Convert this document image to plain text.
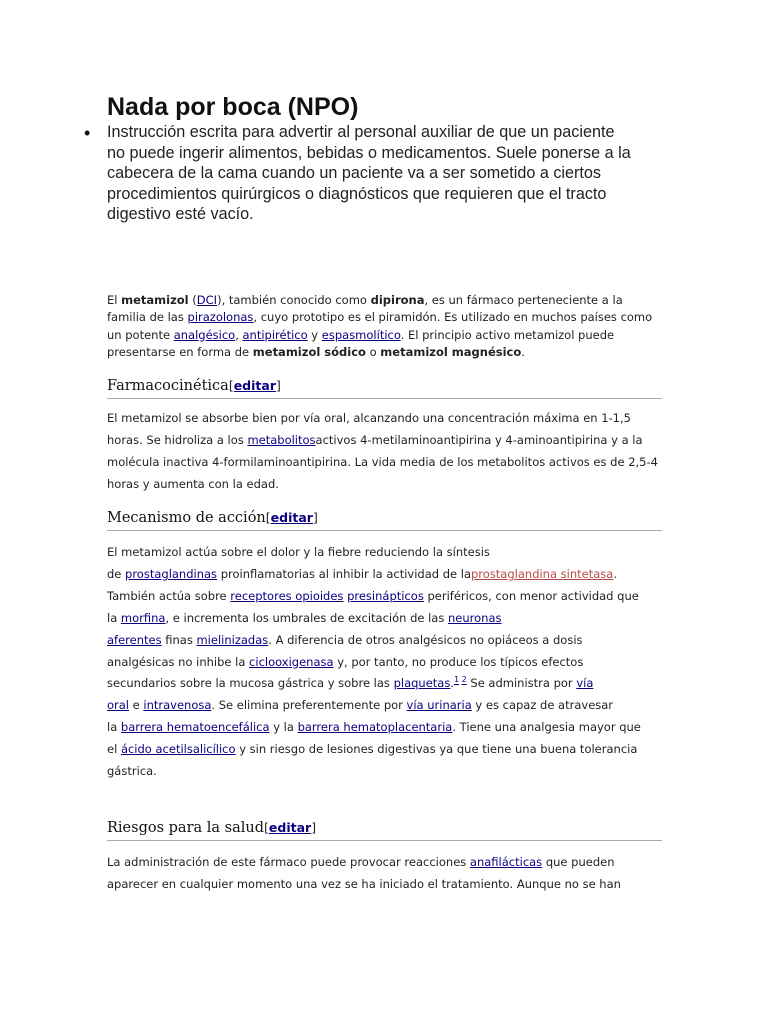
Nada por boca (NPO)
• Instrucción escrita para advertir al personal auxiliar de que un paciente
no puede ingerir alimentos, bebidas o medicamentos. Suele ponerse a la
cabecera de la cama cuando un paciente va a ser sometido a ciertos
procedimientos quirúrgicos o diagnósticos que requieren que el tracto
digestivo esté vacío.

El metamizol (DCI), también conocido como dipirona, es un fármaco perteneciente a la
familia de las pirazolonas, cuyo prototipo es el piramidón. Es utilizado en muchos países como
un potente analgésico, antipirético y espasmolítico. El principio activo metamizol puede
presentarse en forma de metamizol sódico o metamizol magnésico.

Farmacocinética[editar]
El metamizol se absorbe bien por vía oral, alcanzando una concentración máxima en 1-1,5
horas. Se hidroliza a los metabolitosactivos 4-metilaminoantipirina y 4-aminoantipirina y a la
molécula inactiva 4-formilaminoantipirina. La vida media de los metabolitos activos es de 2,5-4
horas y aumenta con la edad.
Mecanismo de acción[editar]
El metamizol actúa sobre el dolor y la fiebre reduciendo la síntesis
de prostaglandinas proinflamatorias al inhibir la actividad de laprostaglandina sintetasa.
También actúa sobre receptores opioides presinápticos periféricos, con menor actividad que
la morfina, e incrementa los umbrales de excitación de las neuronas
aferentes finas mielinizadas. A diferencia de otros analgésicos no opiáceos a dosis
analgésicas no inhibe la ciclooxigenasa y, por tanto, no produce los típicos efectos
secundarios sobre la mucosa gástrica y sobre las plaquetas.$^{1 2}$ Se administra por vía
oral e intravenosa. Se elimina preferentemente por vía urinaria y es capaz de atravesar
la barrera hematoencefálica y la barrera hematoplacentaria. Tiene una analgesia mayor que
el ácido acetilsalicílico y sin riesgo de lesiones digestivas ya que tiene una buena tolerancia
gástrica.
Riesgos para la salud[editar]
La administración de este fármaco puede provocar reacciones anafilácticas que pueden
aparecer en cualquier momento una vez se ha iniciado el tratamiento. Aunque no se han
